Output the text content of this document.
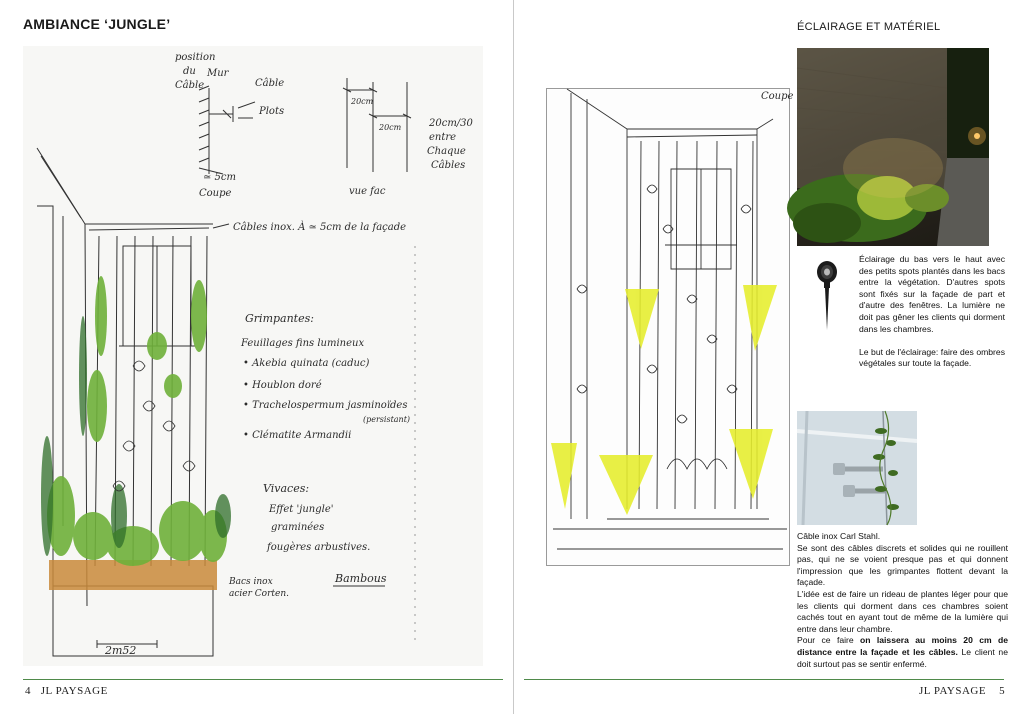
AMBIANCE ‘JUNGLE’
position
du
Câble
Mur
Câble
Plots
≃ 5cm
Coupe
20cm
20cm	20cm/30
entre
Chaque
Câbles
vue fac
Câbles inox. À ≃ 5cm de la façade
Grimpantes:
Feuillages fins lumineux
• Akebia quinata (caduc)
• Houblon doré
• Trachelospermum jasminoïdes
(persistant)
• Clématite Armandii
Vivaces:
Effet 'jungle'
graminées
fougères arbustives.
Bacs inox
acier Corten.
Bambous
2m52
4 JL PAYSAGE
ÉCLAIRAGE ET MATÉRIEL
Coupe

Éclairage du bas vers le haut avec des petits spots plantés dans les bacs entre la végétation. D'autres spots sont fixés sur la façade de part et d'autre des fenêtres. La lumière ne doit pas gêner les clients qui dorment dans les chambres.

Le but de l'éclairage: faire des ombres végétales sur toute la façade.

Câble inox Carl Stahl.
Se sont des câbles discrets et solides qui ne rouillent pas, qui ne se voient presque pas et qui donnent l'impression que les grimpantes flottent devant la façade.
L'idée est de faire un rideau de plantes léger pour que les clients qui dorment dans ces chambres soient cachés tout en ayant tout de même de la lumière qui entre dans leur chambre.
Pour ce faire on laissera au moins 20 cm de distance entre la façade et les câbles. Le client ne doit surtout pas se sentir enfermé.
JL PAYSAGE 5
